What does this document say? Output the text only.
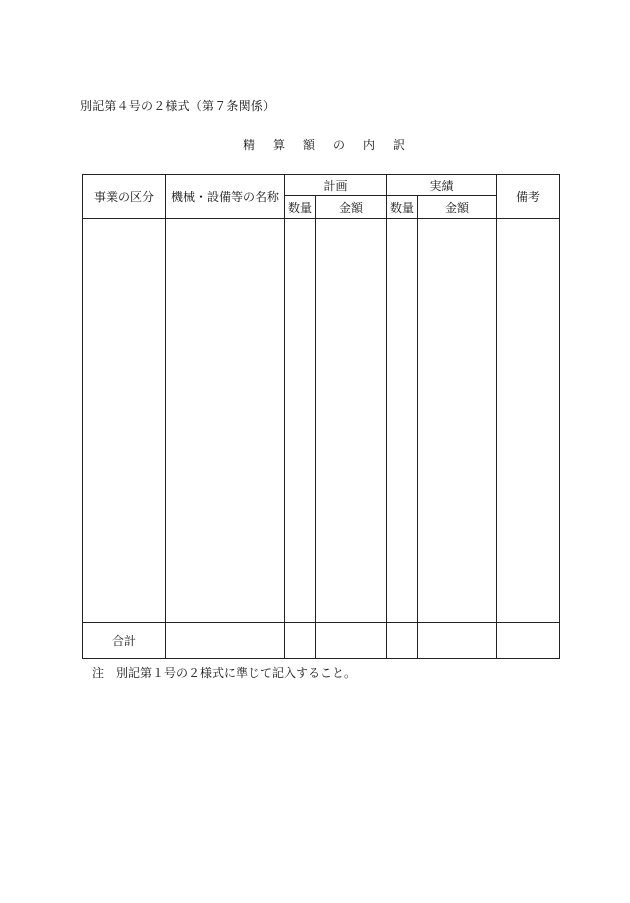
別記第４号の２様式（第７条関係）
精算額の内訳
事業の区分	機械・設備等の名称	計画		実績		備考
		数量	金額	数量	金額	

合計						
注 別記第１号の２様式に準じて記入すること。
